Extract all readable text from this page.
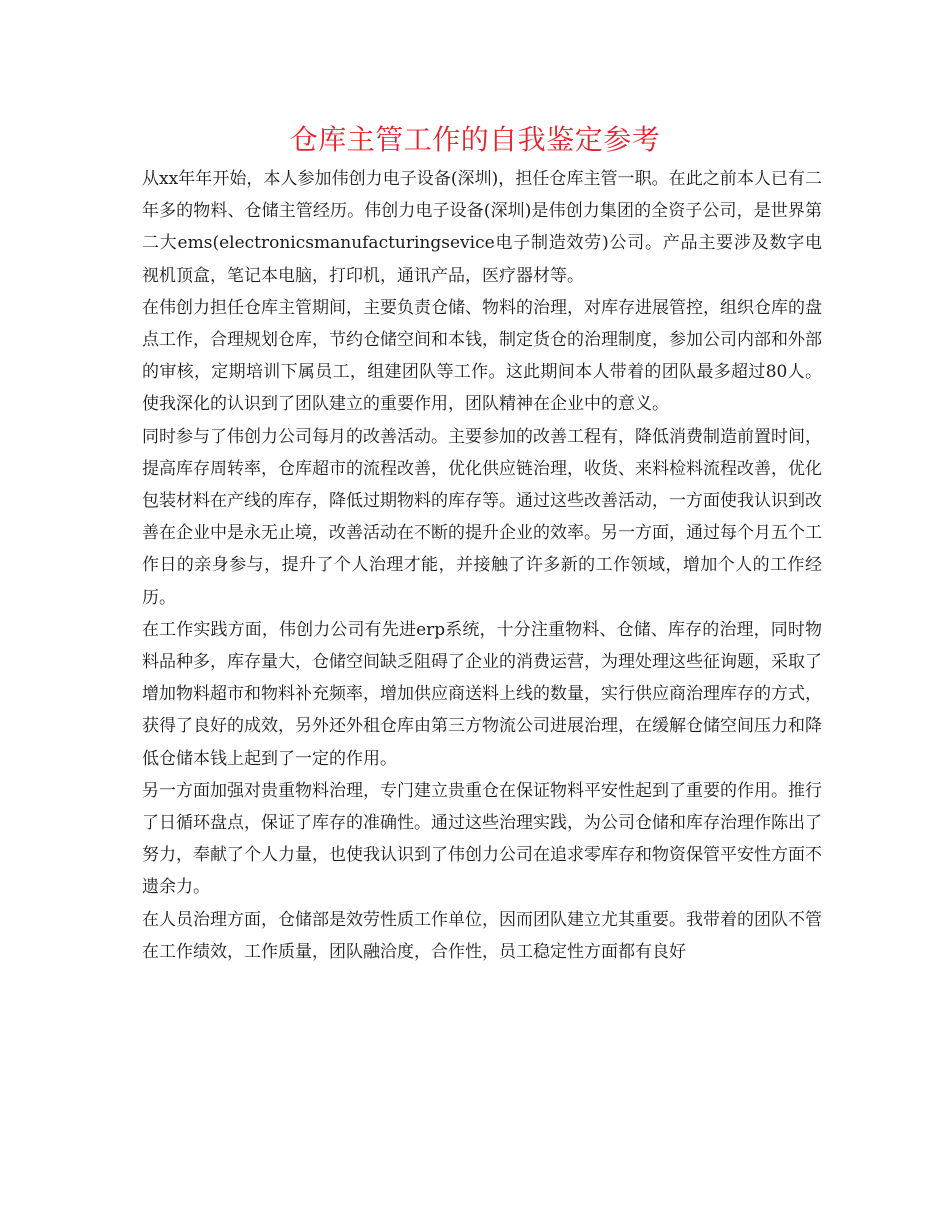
仓库主管工作的自我鉴定参考

从xx年年开始，本人参加伟创力电子设备(深圳)，担任仓库主管一职。在此之前本人已有二年多的物料、仓储主管经历。伟创力电子设备(深圳)是伟创力集团的全资子公司，是世界第二大ems(electronicsmanufacturingsevice电子制造效劳)公司。产品主要涉及数字电视机顶盒，笔记本电脑，打印机，通讯产品，医疗器材等。

在伟创力担任仓库主管期间，主要负责仓储、物料的治理，对库存进展管控，组织仓库的盘点工作，合理规划仓库，节约仓储空间和本钱，制定货仓的治理制度，参加公司内部和外部的审核，定期培训下属员工，组建团队等工作。这此期间本人带着的团队最多超过80人。使我深化的认识到了团队建立的重要作用，团队精神在企业中的意义。

同时参与了伟创力公司每月的改善活动。主要参加的改善工程有，降低消费制造前置时间，提高库存周转率，仓库超市的流程改善，优化供应链治理，收货、来料检料流程改善，优化包装材料在产线的库存，降低过期物料的库存等。通过这些改善活动，一方面使我认识到改善在企业中是永无止境，改善活动在不断的提升企业的效率。另一方面，通过每个月五个工作日的亲身参与，提升了个人治理才能，并接触了许多新的工作领域，增加个人的工作经历。

在工作实践方面，伟创力公司有先进erp系统，十分注重物料、仓储、库存的治理，同时物料品种多，库存量大，仓储空间缺乏阻碍了企业的消费运营，为理处理这些征询题，采取了增加物料超市和物料补充频率，增加供应商送料上线的数量，实行供应商治理库存的方式，获得了良好的成效，另外还外租仓库由第三方物流公司进展治理，在缓解仓储空间压力和降低仓储本钱上起到了一定的作用。

另一方面加强对贵重物料治理，专门建立贵重仓在保证物料平安性起到了重要的作用。推行了日循环盘点，保证了库存的准确性。通过这些治理实践，为公司仓储和库存治理作陈出了努力，奉献了个人力量，也使我认识到了伟创力公司在追求零库存和物资保管平安性方面不遗余力。

在人员治理方面，仓储部是效劳性质工作单位，因而团队建立尤其重要。我带着的团队不管在工作绩效，工作质量，团队融洽度，合作性，员工稳定性方面都有良好
